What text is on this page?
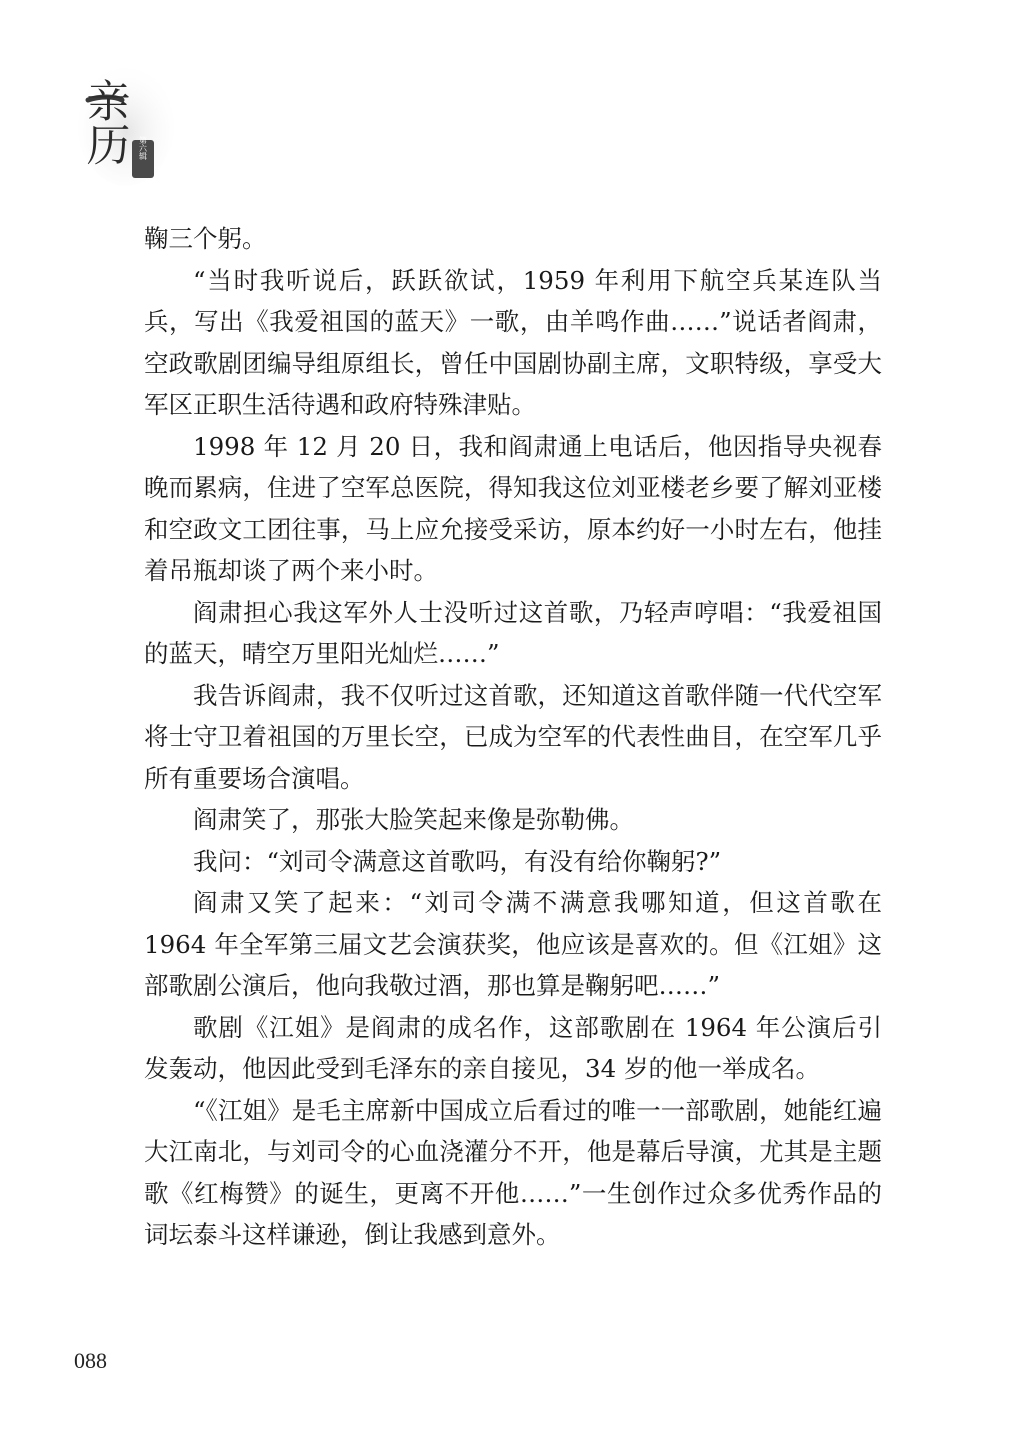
第六辑
亲历

鞠三个躬。

“当时我听说后，跃跃欲试，1959 年利用下航空兵某连队当兵，写出《我爱祖国的蓝天》一歌，由羊鸣作曲……”说话者阎肃，空政歌剧团编导组原组长，曾任中国剧协副主席，文职特级，享受大军区正职生活待遇和政府特殊津贴。

1998 年 12 月 20 日，我和阎肃通上电话后，他因指导央视春晚而累病，住进了空军总医院，得知我这位刘亚楼老乡要了解刘亚楼和空政文工团往事，马上应允接受采访，原本约好一小时左右，他挂着吊瓶却谈了两个来小时。

阎肃担心我这军外人士没听过这首歌，乃轻声哼唱：“我爱祖国的蓝天，晴空万里阳光灿烂……”

我告诉阎肃，我不仅听过这首歌，还知道这首歌伴随一代代空军将士守卫着祖国的万里长空，已成为空军的代表性曲目，在空军几乎所有重要场合演唱。

阎肃笑了，那张大脸笑起来像是弥勒佛。

我问：“刘司令满意这首歌吗，有没有给你鞠躬?”

阎肃又笑了起来：“刘司令满不满意我哪知道，但这首歌在 1964 年全军第三届文艺会演获奖，他应该是喜欢的。但《江姐》这部歌剧公演后，他向我敬过酒，那也算是鞠躬吧……”

歌剧《江姐》是阎肃的成名作，这部歌剧在 1964 年公演后引发轰动，他因此受到毛泽东的亲自接见，34 岁的他一举成名。

“《江姐》是毛主席新中国成立后看过的唯一一部歌剧，她能红遍大江南北，与刘司令的心血浇灌分不开，他是幕后导演，尤其是主题歌《红梅赞》的诞生，更离不开他……”一生创作过众多优秀作品的词坛泰斗这样谦逊，倒让我感到意外。

088
